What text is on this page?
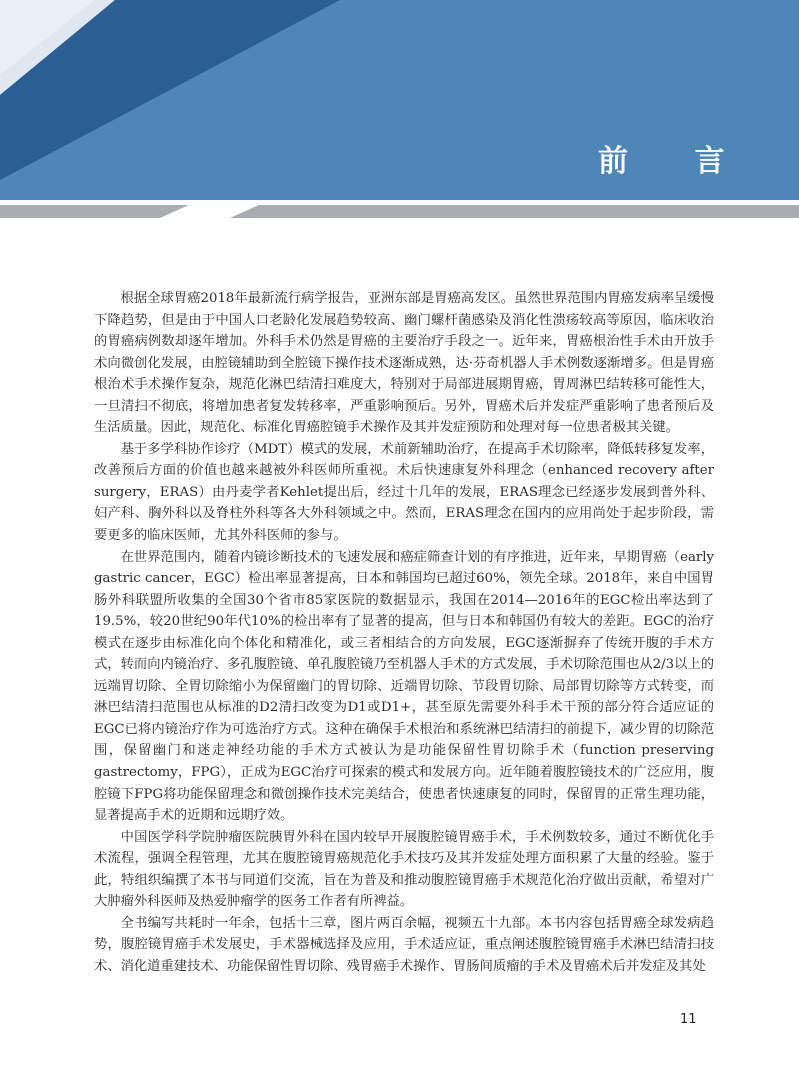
前 言

根据全球胃癌2018年最新流行病学报告，亚洲东部是胃癌高发区。虽然世界范围内胃癌发病率呈缓慢下降趋势，但是由于中国人口老龄化发展趋势较高、幽门螺杆菌感染及消化性溃疡较高等原因，临床收治的胃癌病例数却逐年增加。外科手术仍然是胃癌的主要治疗手段之一。近年来，胃癌根治性手术由开放手术向微创化发展，由腔镜辅助到全腔镜下操作技术逐渐成熟，达·芬奇机器人手术例数逐渐增多。但是胃癌根治术手术操作复杂，规范化淋巴结清扫难度大，特别对于局部进展期胃癌，胃周淋巴结转移可能性大，一旦清扫不彻底，将增加患者复发转移率，严重影响预后。另外，胃癌术后并发症严重影响了患者预后及生活质量。因此，规范化、标准化胃癌腔镜手术操作及其并发症预防和处理对每一位患者极其关键。

基于多学科协作诊疗（MDT）模式的发展，术前新辅助治疗，在提高手术切除率，降低转移复发率，改善预后方面的价值也越来越被外科医师所重视。术后快速康复外科理念（enhanced recovery after surgery，ERAS）由丹麦学者Kehlet提出后，经过十几年的发展，ERAS理念已经逐步发展到普外科、妇产科、胸外科以及脊柱外科等各大外科领域之中。然而，ERAS理念在国内的应用尚处于起步阶段，需要更多的临床医师，尤其外科医师的参与。

在世界范围内，随着内镜诊断技术的飞速发展和癌症筛查计划的有序推进，近年来，早期胃癌（early gastric cancer，EGC）检出率显著提高，日本和韩国均已超过60%，领先全球。2018年，来自中国胃肠外科联盟所收集的全国30个省市85家医院的数据显示，我国在2014—2016年的EGC检出率达到了19.5%，较20世纪90年代10%的检出率有了显著的提高，但与日本和韩国仍有较大的差距。EGC的治疗模式在逐步由标准化向个体化和精准化，或三者相结合的方向发展，EGC逐渐摒弃了传统开腹的手术方式，转而向内镜治疗、多孔腹腔镜、单孔腹腔镜乃至机器人手术的方式发展，手术切除范围也从2/3以上的远端胃切除、全胃切除缩小为保留幽门的胃切除、近端胃切除、节段胃切除、局部胃切除等方式转变，而淋巴结清扫范围也从标准的D2清扫改变为D1或D1+，甚至原先需要外科手术干预的部分符合适应证的EGC已将内镜治疗作为可选治疗方式。这种在确保手术根治和系统淋巴结清扫的前提下，减少胃的切除范围，保留幽门和迷走神经功能的手术方式被认为是功能保留性胃切除手术（function preserving gastrectomy，FPG），正成为EGC治疗可探索的模式和发展方向。近年随着腹腔镜技术的广泛应用，腹腔镜下FPG将功能保留理念和微创操作技术完美结合，使患者快速康复的同时，保留胃的正常生理功能，显著提高手术的近期和远期疗效。

中国医学科学院肿瘤医院胰胃外科在国内较早开展腹腔镜胃癌手术，手术例数较多，通过不断优化手术流程，强调全程管理，尤其在腹腔镜胃癌规范化手术技巧及其并发症处理方面积累了大量的经验。鉴于此，特组织编撰了本书与同道们交流，旨在为普及和推动腹腔镜胃癌手术规范化治疗做出贡献，希望对广大肿瘤外科医师及热爱肿瘤学的医务工作者有所裨益。

全书编写共耗时一年余，包括十三章，图片两百余幅，视频五十九部。本书内容包括胃癌全球发病趋势，腹腔镜胃癌手术发展史，手术器械选择及应用，手术适应证，重点阐述腹腔镜胃癌手术淋巴结清扫技术、消化道重建技术、功能保留性胃切除、残胃癌手术操作、胃肠间质瘤的手术及胃癌术后并发症及其处

11
